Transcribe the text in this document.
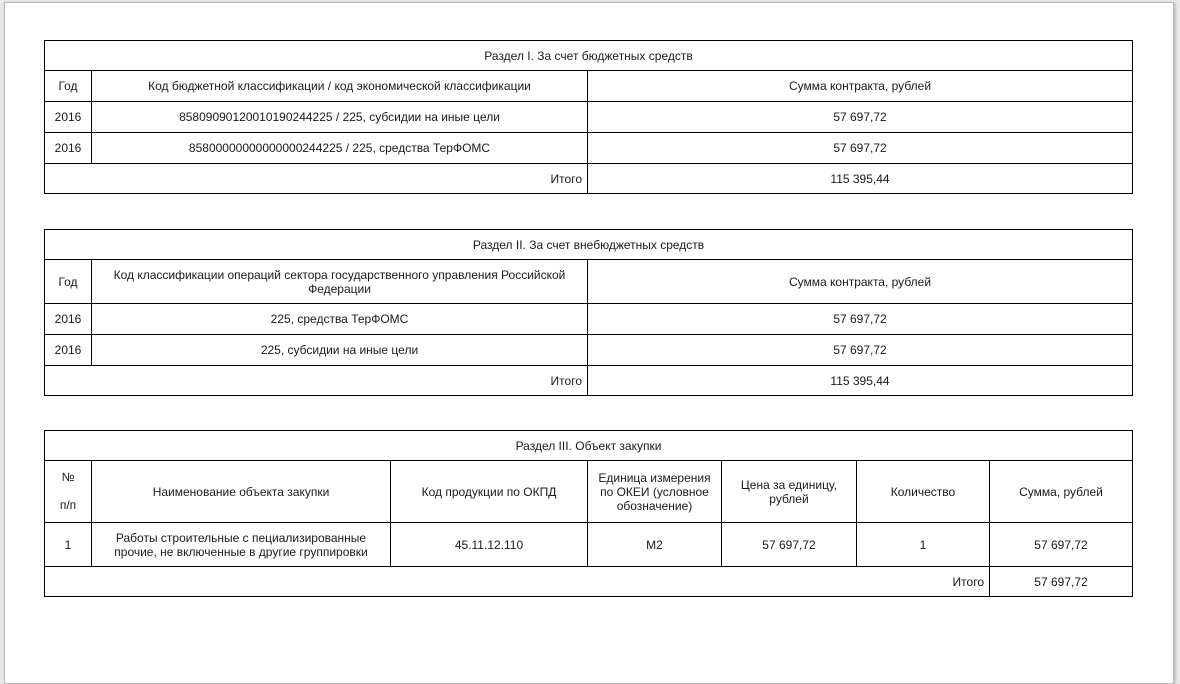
Раздел I. За счет бюджетных средств		
Год	Код бюджетной классификации / код экономической классификации	Сумма контракта, рублей
2016	85809090120010190244225 / 225, субсидии на иные цели	57 697,72
2016	85800000000000000244225 / 225, средства ТерФОМС	57 697,72
Итого		115 395,44
Раздел II. За счет внебюджетных средств		
Год	Код классификации операций сектора государственного управления Российской Федерации	Сумма контракта, рублей
2016	225, средства ТерФОМС	57 697,72
2016	225, субсидии на иные цели	57 697,72
Итого		115 395,44
Раздел III. Объект закупки						

№
п/п	Наименование объекта закупки	Код продукции по ОКПД	Единица измерения по ОКЕИ (условное обозначение)	Цена за единицу, рублей	Количество	Сумма, рублей
1	Работы строительные с пециализированные прочие, не включенные в другие группировки	45.11.12.110	М2	57 697,72	1	57 697,72
Итого						57 697,72
